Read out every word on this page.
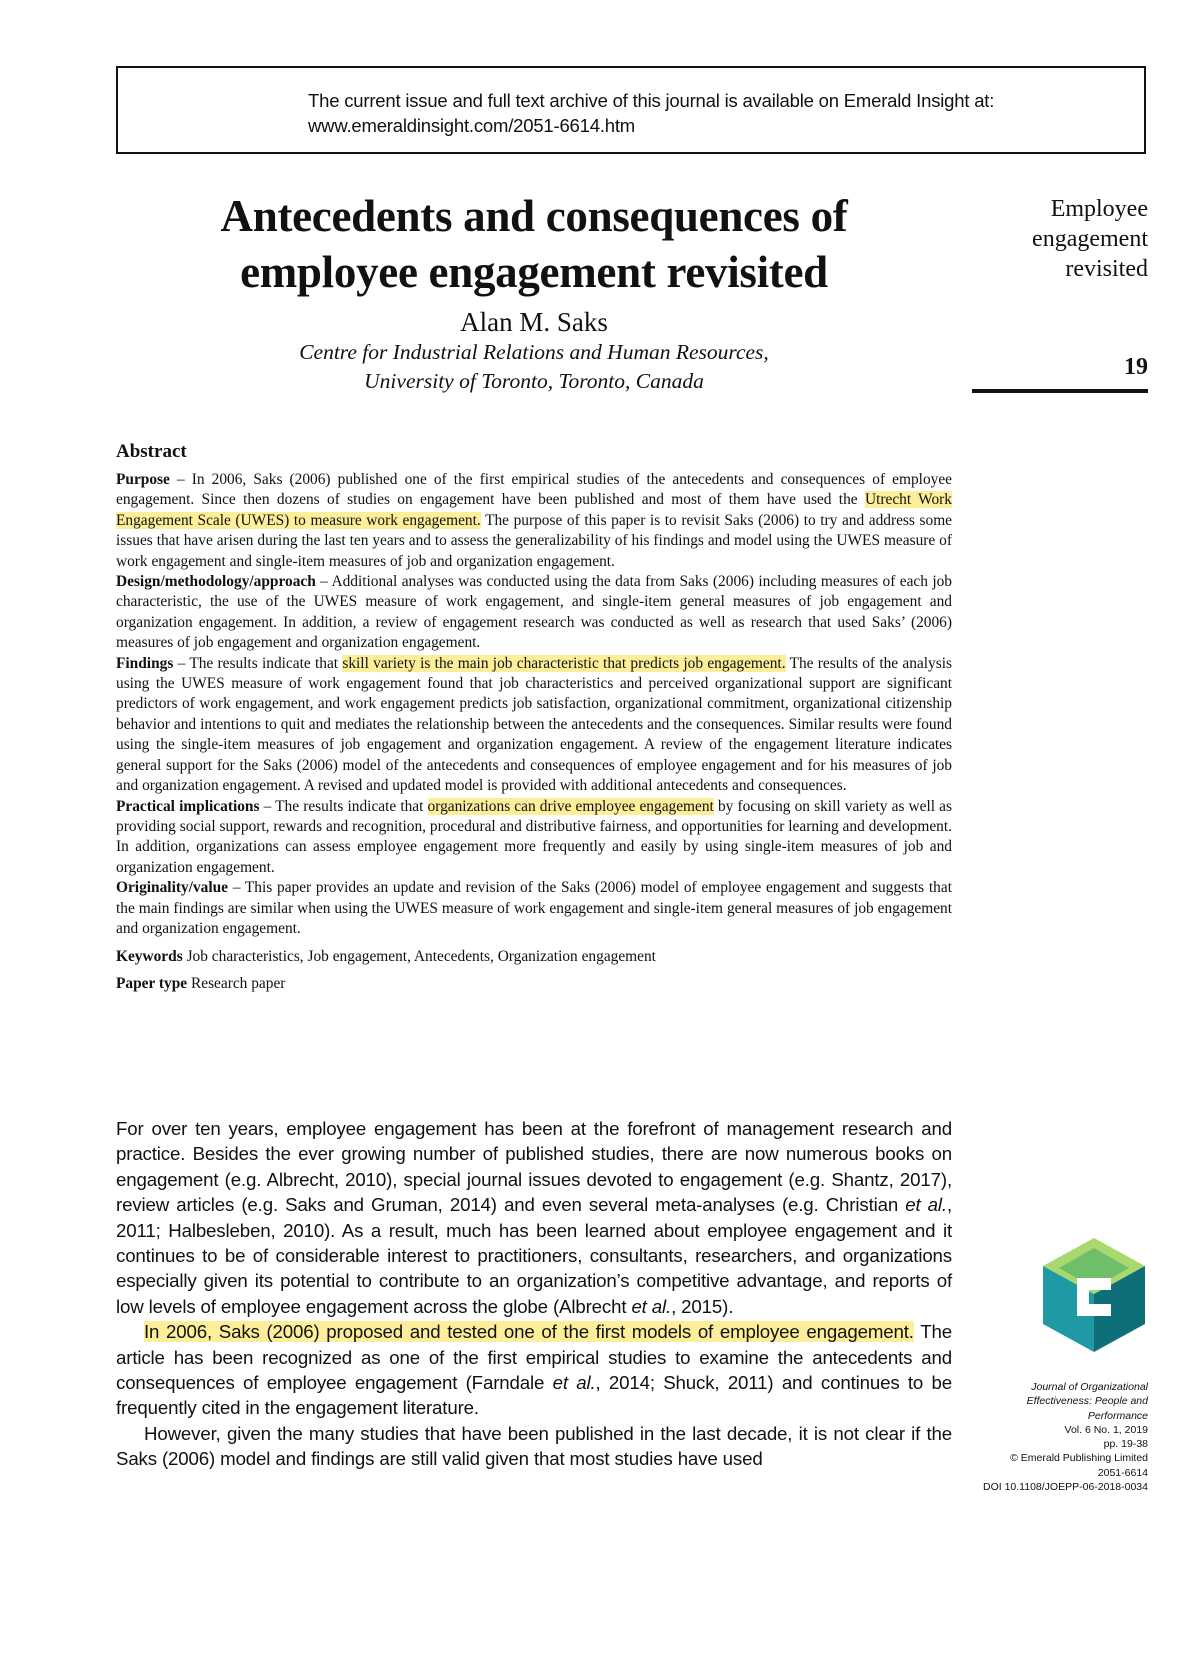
The current issue and full text archive of this journal is available on Emerald Insight at:
www.emeraldinsight.com/2051-6614.htm
Antecedents and consequences of
employee engagement revisited
Alan M. Saks
Centre for Industrial Relations and Human Resources,
University of Toronto, Toronto, Canada
Employee
engagement
revisited
19
Abstract

Purpose – In 2006, Saks (2006) published one of the first empirical studies of the antecedents and consequences of employee engagement. Since then dozens of studies on engagement have been published and most of them have used the Utrecht Work Engagement Scale (UWES) to measure work engagement. The purpose of this paper is to revisit Saks (2006) to try and address some issues that have arisen during the last ten years and to assess the generalizability of his findings and model using the UWES measure of work engagement and single-item measures of job and organization engagement.

Design/methodology/approach – Additional analyses was conducted using the data from Saks (2006) including measures of each job characteristic, the use of the UWES measure of work engagement, and single-item general measures of job engagement and organization engagement. In addition, a review of engagement research was conducted as well as research that used Saks’ (2006) measures of job engagement and organization engagement.

Findings – The results indicate that skill variety is the main job characteristic that predicts job engagement. The results of the analysis using the UWES measure of work engagement found that job characteristics and perceived organizational support are significant predictors of work engagement, and work engagement predicts job satisfaction, organizational commitment, organizational citizenship behavior and intentions to quit and mediates the relationship between the antecedents and the consequences. Similar results were found using the single-item measures of job engagement and organization engagement. A review of the engagement literature indicates general support for the Saks (2006) model of the antecedents and consequences of employee engagement and for his measures of job and organization engagement. A revised and updated model is provided with additional antecedents and consequences.

Practical implications – The results indicate that organizations can drive employee engagement by focusing on skill variety as well as providing social support, rewards and recognition, procedural and distributive fairness, and opportunities for learning and development. In addition, organizations can assess employee engagement more frequently and easily by using single-item measures of job and organization engagement.

Originality/value – This paper provides an update and revision of the Saks (2006) model of employee engagement and suggests that the main findings are similar when using the UWES measure of work engagement and single-item general measures of job engagement and organization engagement.

Keywords Job characteristics, Job engagement, Antecedents, Organization engagement

Paper type Research paper

For over ten years, employee engagement has been at the forefront of management research and practice. Besides the ever growing number of published studies, there are now numerous books on engagement (e.g. Albrecht, 2010), special journal issues devoted to engagement (e.g. Shantz, 2017), review articles (e.g. Saks and Gruman, 2014) and even several meta-analyses (e.g. Christian et al., 2011; Halbesleben, 2010). As a result, much has been learned about employee engagement and it continues to be of considerable interest to practitioners, consultants, researchers, and organizations especially given its potential to contribute to an organization’s competitive advantage, and reports of low levels of employee engagement across the globe (Albrecht et al., 2015).

In 2006, Saks (2006) proposed and tested one of the first models of employee engagement. The article has been recognized as one of the first empirical studies to examine the antecedents and consequences of employee engagement (Farndale et al., 2014; Shuck, 2011) and continues to be frequently cited in the engagement literature.

However, given the many studies that have been published in the last decade, it is not clear if the Saks (2006) model and findings are still valid given that most studies have used

Journal of Organizational
Effectiveness: People and
Performance
Vol. 6 No. 1, 2019
pp. 19-38
© Emerald Publishing Limited
2051-6614
DOI 10.1108/JOEPP-06-2018-0034
